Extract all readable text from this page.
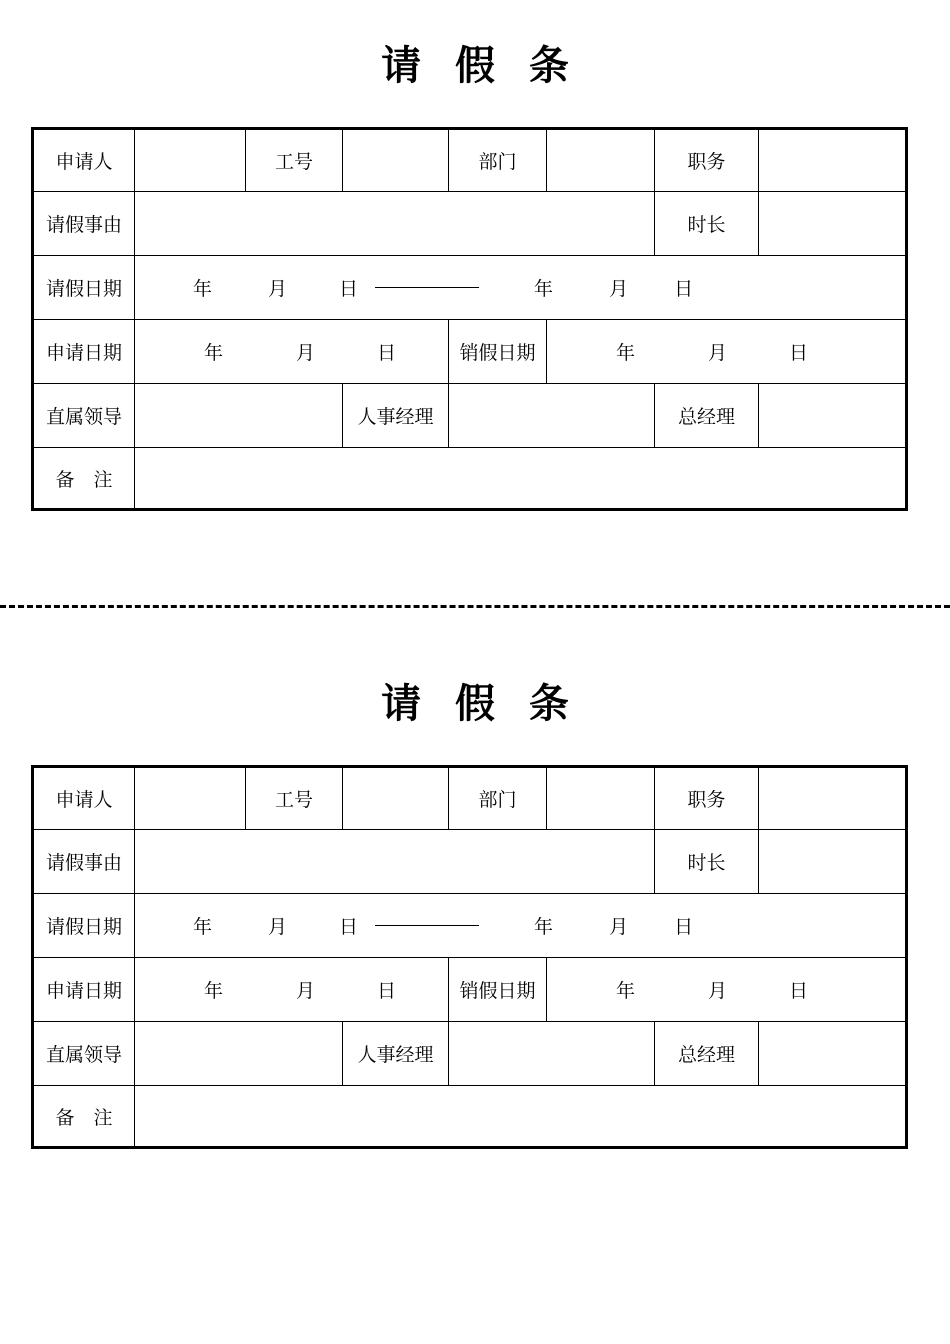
请 假 条
申请人	工号	部门	职务
请假事由	时长
请假日期	年	月	日	年	月 日
申请日期	年	月	日	销假日期	年	月	日
直属领导	人事经理	总经理
备　注
请 假 条
申请人	工号	部门	职务
请假事由	时长
请假日期	年	月	日	年	月 日
申请日期	年	月	日	销假日期	年	月	日
直属领导	人事经理	总经理
备　注
